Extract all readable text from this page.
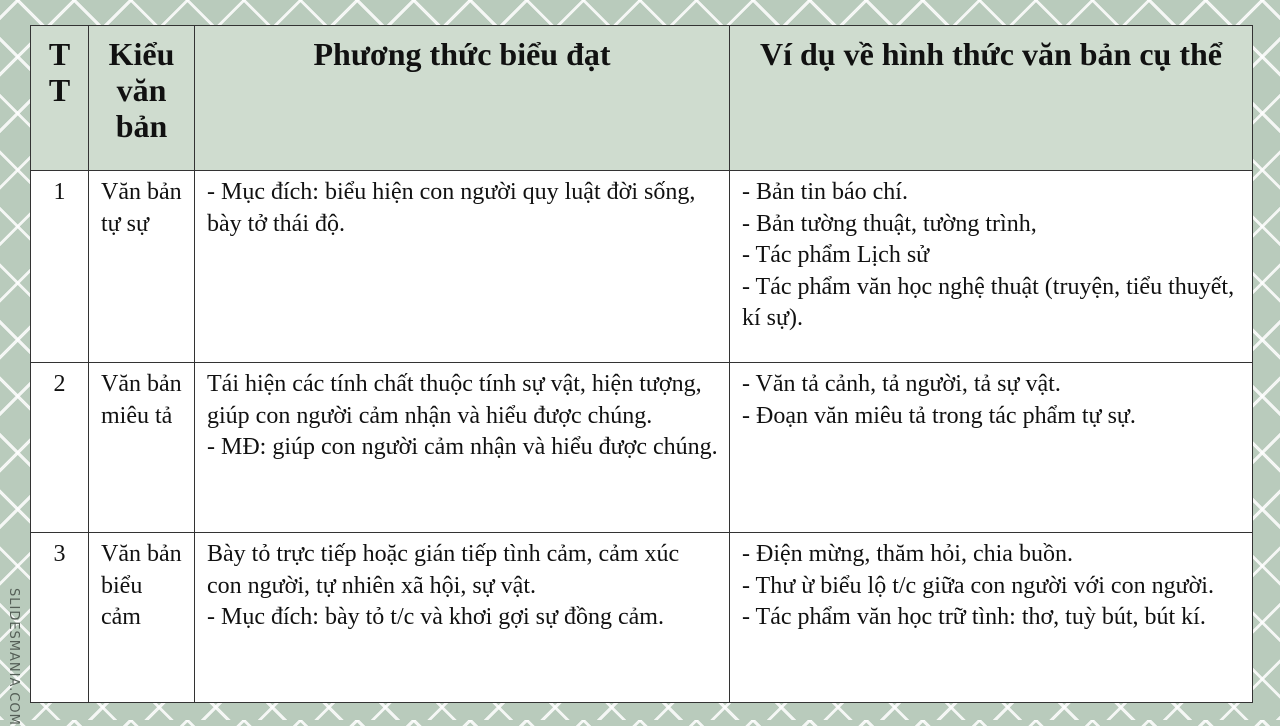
T T	Kiểu văn bản	Phương thức biểu đạt	Ví dụ về hình thức văn bản cụ thể
1	Văn bản tự sự	- Mục đích: biểu hiện con người quy luật đời sống, bày tở thái độ.	- Bản tin báo chí.
- Bản tường thuật, tường trình,
- Tác phẩm Lịch sử
- Tác phẩm văn học nghệ thuật (truyện, tiểu thuyết, kí sự).
2	Văn bản miêu tả	Tái hiện các tính chất thuộc tính sự vật, hiện tượng, giúp con người cảm nhận và hiểu được chúng.
- MĐ: giúp con người cảm nhận và hiểu được chúng.	- Văn tả cảnh, tả người, tả sự vật.
- Đoạn văn miêu tả trong tác phẩm tự sự.
3	Văn bản biểu cảm	Bày tỏ trực tiếp hoặc gián tiếp tình cảm, cảm xúc con người, tự nhiên xã hội, sự vật.
- Mục đích: bày tỏ t/c và khơi gợi sự đồng cảm.	- Điện mừng, thăm hỏi, chia buồn.
- Thư ừ biểu lộ t/c giữa con người với con người.
- Tác phẩm văn học trữ tình: thơ, tuỳ bút, bút kí.
SLIDESMANIA.COM
